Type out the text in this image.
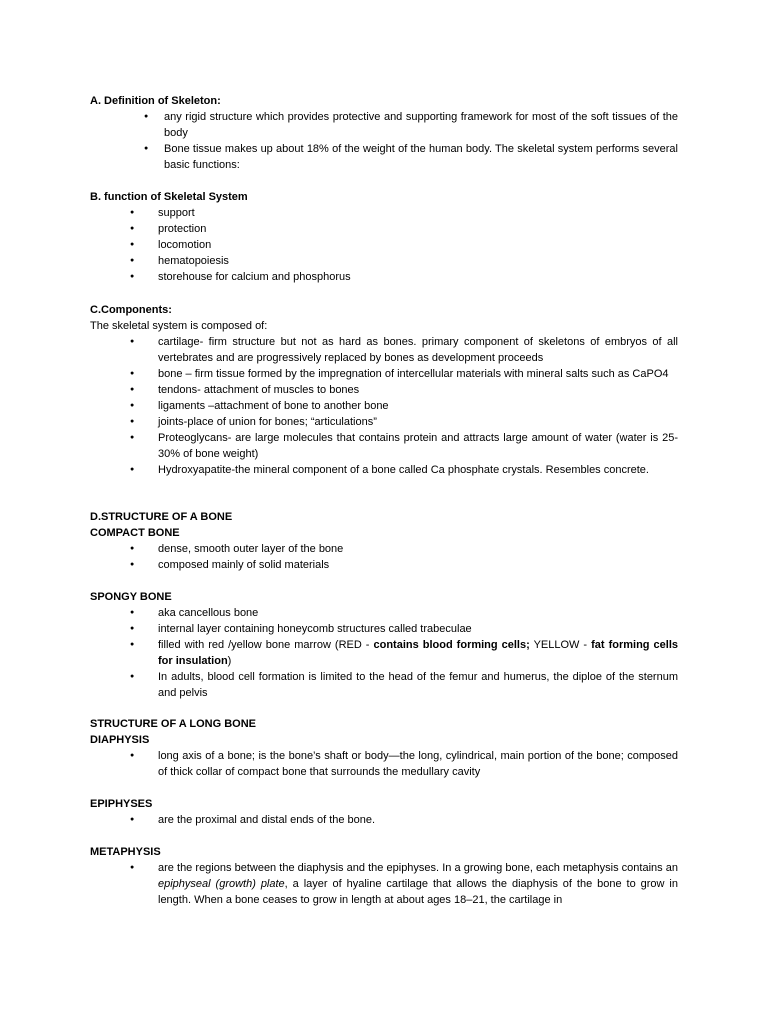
A. Definition of Skeleton:
● any rigid structure which provides protective and supporting framework for most of the soft tissues of the body
● Bone tissue makes up about 18% of the weight of the human body. The skeletal system performs several basic functions:
B. function of Skeletal System
● support
● protection
● locomotion
● hematopoiesis
● storehouse for calcium and phosphorus
C.Components:
The skeletal system is composed of:
● cartilage- firm structure but not as hard as bones. primary component of skeletons of embryos of all vertebrates and are progressively replaced by bones as development proceeds
● bone – firm tissue formed by the impregnation of intercellular materials with mineral salts such as CaPO4
● tendons- attachment of muscles to bones
● ligaments –attachment of bone to another bone
● joints-place of union for bones; “articulations”
● Proteoglycans- are large molecules that contains protein and attracts large amount of water (water is 25-30% of bone weight)
● Hydroxyapatite-the mineral component of a bone called Ca phosphate crystals. Resembles concrete.
D.STRUCTURE OF A BONE
COMPACT BONE
● dense, smooth outer layer of the bone
● composed mainly of solid materials
SPONGY BONE
● aka cancellous bone
● internal layer containing honeycomb structures called trabeculae
● filled with red /yellow bone marrow (RED - contains blood forming cells; YELLOW - fat forming cells for insulation)
● In adults, blood cell formation is limited to the head of the femur and humerus, the diploe of the sternum and pelvis
STRUCTURE OF A LONG BONE
DIAPHYSIS
● long axis of a bone; is the bone’s shaft or body—the long, cylindrical, main portion of the bone; composed of thick collar of compact bone that surrounds the medullary cavity
EPIPHYSES
● are the proximal and distal ends of the bone.
METAPHYSIS
● are the regions between the diaphysis and the epiphyses. In a growing bone, each metaphysis contains an epiphyseal (growth) plate, a layer of hyaline cartilage that allows the diaphysis of the bone to grow in length. When a bone ceases to grow in length at about ages 18–21, the cartilage in
